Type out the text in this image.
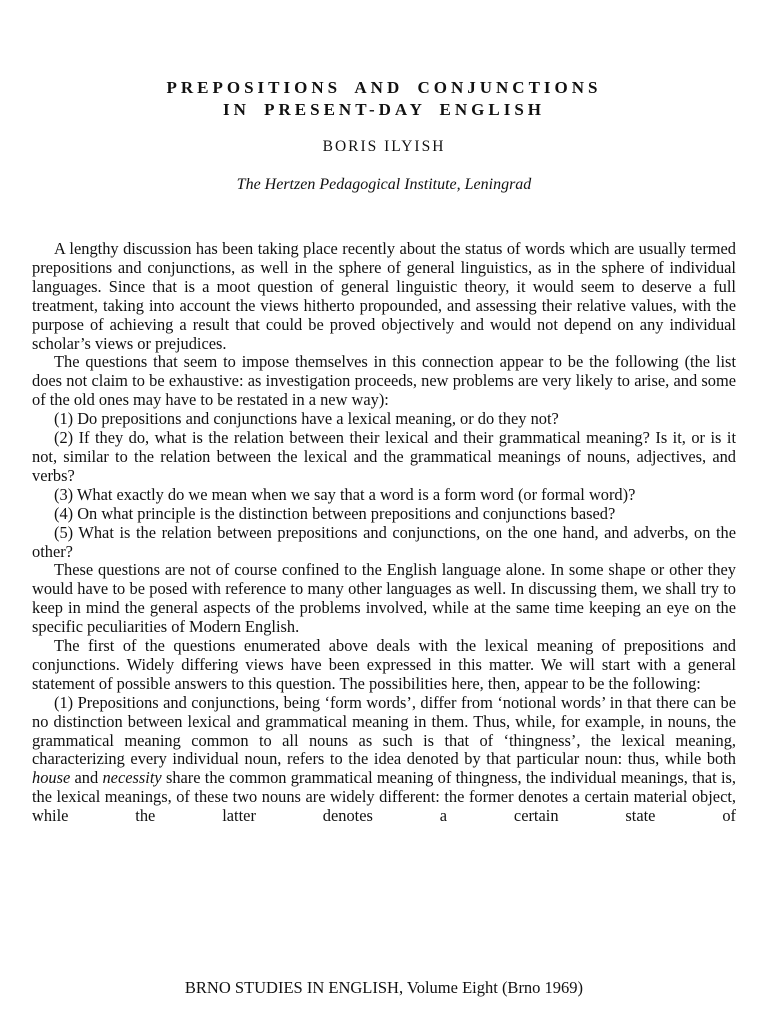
PREPOSITIONS AND CONJUNCTIONS
IN PRESENT-DAY ENGLISH
BORIS ILYISH
The Hertzen Pedagogical Institute, Leningrad

A lengthy discussion has been taking place recently about the status of words which are usually termed prepositions and conjunctions, as well in the sphere of general linguistics, as in the sphere of individual languages. Since that is a moot question of general linguistic theory, it would seem to deserve a full treatment, taking into account the views hitherto propounded, and assessing their relative values, with the purpose of achieving a result that could be proved objectively and would not depend on any individual scholar’s views or prejudices.

The questions that seem to impose themselves in this connection appear to be the following (the list does not claim to be exhaustive: as investigation proceeds, new problems are very likely to arise, and some of the old ones may have to be restated in a new way):

(1) Do prepositions and conjunctions have a lexical meaning, or do they not?

(2) If they do, what is the relation between their lexical and their grammatical meaning? Is it, or is it not, similar to the relation between the lexical and the grammatical meanings of nouns, adjectives, and verbs?

(3) What exactly do we mean when we say that a word is a form word (or formal word)?

(4) On what principle is the distinction between prepositions and conjunctions based?

(5) What is the relation between prepositions and conjunctions, on the one hand, and adverbs, on the other?

These questions are not of course confined to the English language alone. In some shape or other they would have to be posed with reference to many other languages as well. In discussing them, we shall try to keep in mind the general aspects of the problems involved, while at the same time keeping an eye on the specific peculiarities of Modern English.

The first of the questions enumerated above deals with the lexical meaning of prepositions and conjunctions. Widely differing views have been expressed in this matter. We will start with a general statement of possible answers to this question. The possibilities here, then, appear to be the following:

(1) Prepositions and conjunctions, being ‘form words’, differ from ‘notional words’ in that there can be no distinction between lexical and grammatical meaning in them. Thus, while, for example, in nouns, the grammatical meaning common to all nouns as such is that of ‘thingness’, the lexical meaning, characterizing every individual noun, refers to the idea denoted by that particular noun: thus, while both house and necessity share the common grammatical meaning of thingness, the individual meanings, that is, the lexical meanings, of these two nouns are widely different: the former denotes a certain material object, while the latter denotes a certain state of

BRNO STUDIES IN ENGLISH, Volume Eight (Brno 1969)
